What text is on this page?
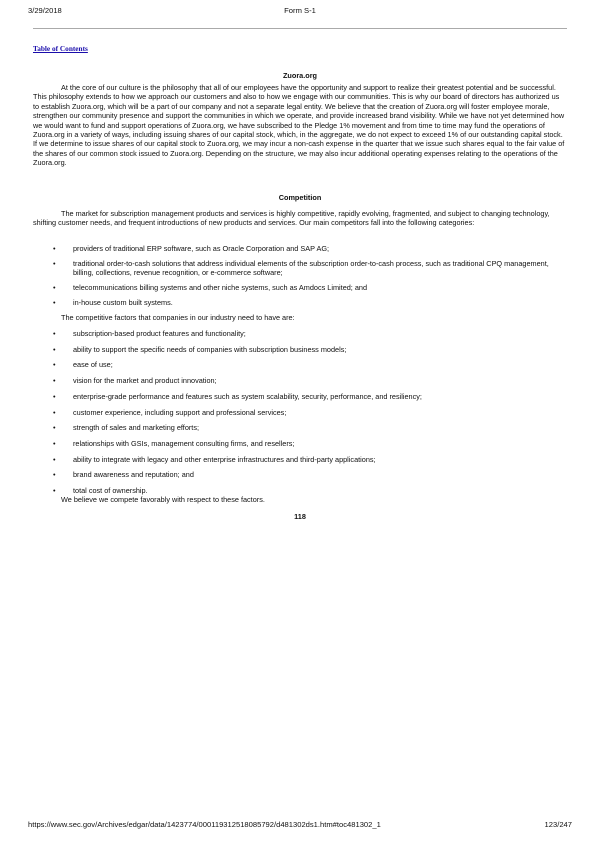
3/29/2018	Form S-1
Table of Contents
Zuora.org
At the core of our culture is the philosophy that all of our employees have the opportunity and support to realize their greatest potential and be successful. This philosophy extends to how we approach our customers and also to how we engage with our communities. This is why our board of directors has authorized us to establish Zuora.org, which will be a part of our company and not a separate legal entity. We believe that the creation of Zuora.org will foster employee morale, strengthen our community presence and support the communities in which we operate, and provide increased brand visibility. While we have not yet determined how we would want to fund and support operations of Zuora.org, we have subscribed to the Pledge 1% movement and from time to time may fund the operations of Zuora.org in a variety of ways, including issuing shares of our capital stock, which, in the aggregate, we do not expect to exceed 1% of our outstanding capital stock. If we determine to issue shares of our capital stock to Zuora.org, we may incur a non-cash expense in the quarter that we issue such shares equal to the fair value of the shares of our common stock issued to Zuora.org. Depending on the structure, we may also incur additional operating expenses relating to the operations of the Zuora.org.
Competition
The market for subscription management products and services is highly competitive, rapidly evolving, fragmented, and subject to changing technology, shifting customer needs, and frequent introductions of new products and services. Our main competitors fall into the following categories:
• providers of traditional ERP software, such as Oracle Corporation and SAP AG;
• traditional order-to-cash solutions that address individual elements of the subscription order-to-cash process, such as traditional CPQ management, billing, collections, revenue recognition, or e-commerce software;
• telecommunications billing systems and other niche systems, such as Amdocs Limited; and
• in-house custom built systems.
The competitive factors that companies in our industry need to have are:
• subscription-based product features and functionality;
• ability to support the specific needs of companies with subscription business models;
• ease of use;
• vision for the market and product innovation;
• enterprise-grade performance and features such as system scalability, security, performance, and resiliency;
• customer experience, including support and professional services;
• strength of sales and marketing efforts;
• relationships with GSIs, management consulting firms, and resellers;
• ability to integrate with legacy and other enterprise infrastructures and third-party applications;
• brand awareness and reputation; and
• total cost of ownership.
We believe we compete favorably with respect to these factors.
118
https://www.sec.gov/Archives/edgar/data/1423774/000119312518085792/d481302ds1.htm#toc481302_1	123/247
